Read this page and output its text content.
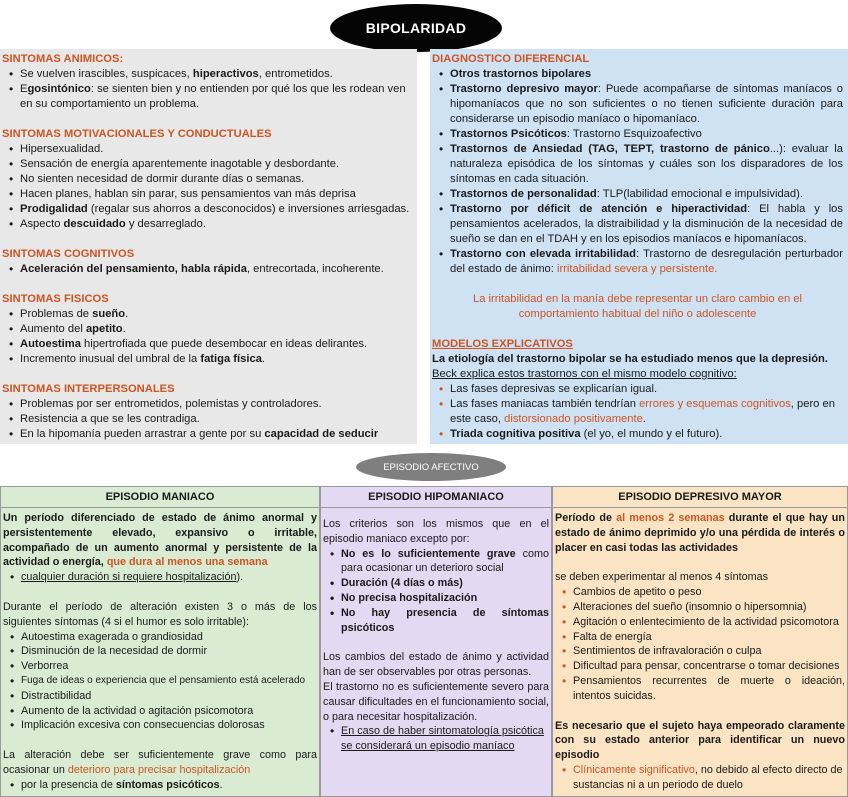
BIPOLARIDAD
SINTOMAS ANIMICOS:
• Se vuelven irascibles, suspicaces, hiperactivos, entrometidos.
• Egosintónico: se sienten bien y no entienden por qué los que les rodean ven en su comportamiento un problema.
SINTOMAS MOTIVACIONALES Y CONDUCTUALES
• Hipersexualidad.
• Sensación de energía aparentemente inagotable y desbordante.
• No sienten necesidad de dormir durante días o semanas.
• Hacen planes, hablan sin parar, sus pensamientos van más deprisa
• Prodigalidad (regalar sus ahorros a desconocidos) e inversiones arriesgadas.
• Aspecto descuidado y desarreglado.
SINTOMAS COGNITIVOS
• Aceleración del pensamiento, habla rápida, entrecortada, incoherente.
SINTOMAS FISICOS
• Problemas de sueño.
• Aumento del apetito.
• Autoestima hipertrofiada que puede desembocar en ideas delirantes.
• Incremento inusual del umbral de la fatiga física.
SINTOMAS INTERPERSONALES
• Problemas por ser entrometidos, polemistas y controladores.
• Resistencia a que se les contradiga.
• En la hipomanía pueden arrastrar a gente por su capacidad de seducir
DIAGNOSTICO DIFERENCIAL
• Otros trastornos bipolares
• Trastorno depresivo mayor: Puede acompañarse de síntomas maníacos o hipomaníacos que no son suficientes o no tienen suficiente duración para considerarse un episodio maníaco o hipomaníaco.
• Trastornos Psicóticos: Trastorno Esquizoafectivo
• Trastornos de Ansiedad (TAG, TEPT, trastorno de pánico...): evaluar la naturaleza episódica de los síntomas y cuáles son los disparadores de los síntomas en cada situación.
• Trastornos de personalidad: TLP(labilidad emocional e impulsividad).
• Trastorno por déficit de atención e hiperactividad: El habla y los pensamientos acelerados, la distraibilidad y la disminución de la necesidad de sueño se dan en el TDAH y en los episodios maníacos e hipomaníacos.
• Trastorno con elevada irritabilidad: Trastorno de desregulación perturbador del estado de ánimo: irritabilidad severa y persistente.
La irritabilidad en la manía debe representar un claro cambio en el comportamiento habitual del niño o adolescente
MODELOS EXPLICATIVOS
La etiología del trastorno bipolar se ha estudiado menos que la depresión.
Beck explica estos trastornos con el mismo modelo cognitivo:
• Las fases depresivas se explicarían igual.
• Las fases maniacas también tendrían errores y esquemas cognitivos, pero en este caso, distorsionado positivamente.
• Triada cognitiva positiva (el yo, el mundo y el futuro).
EPISODIO AFECTIVO
EPISODIO MANIACO
Un período diferenciado de estado de ánimo anormal y persistentemente elevado, expansivo o irritable, acompañado de un aumento anormal y persistente de la actividad o energía, que dura al menos una semana
• cualquier duración si requiere hospitalización).
Durante el período de alteración existen 3 o más de los siguientes síntomas (4 si el humor es solo irritable):
• Autoestima exagerada o grandiosidad
• Disminución de la necesidad de dormir
• Verborrea
• Fuga de ideas o experiencia que el pensamiento está acelerado
• Distractibilidad
• Aumento de la actividad o agitación psicomotora
• Implicación excesiva con consecuencias dolorosas
La alteración debe ser suficientemente grave como para ocasionar un deterioro para precisar hospitalización
• por la presencia de síntomas psicóticos.
EPISODIO HIPOMANIACO
Los criterios son los mismos que en el episodio maniaco excepto por:
• No es lo suficientemente grave como para ocasionar un deterioro social
• Duración (4 días o más)
• No precisa hospitalización
• No hay presencia de síntomas psicóticos
Los cambios del estado de ánimo y actividad han de ser observables por otras personas.
El trastorno no es suficientemente severo para causar dificultades en el funcionamiento social, o para necesitar hospitalización.
• En caso de haber sintomatología psicótica se considerará un episodio maníaco
EPISODIO DEPRESIVO MAYOR
Período de al menos 2 semanas durante el que hay un estado de ánimo deprimido y/o una pérdida de interés o placer en casi todas las actividades
se deben experimentar al menos 4 síntomas
• Cambios de apetito o peso
• Alteraciones del sueño (insomnio o hipersomnia)
• Agitación o enlentecimiento de la actividad psicomotora
• Falta de energía
• Sentimientos de infravaloración o culpa
• Dificultad para pensar, concentrarse o tomar decisiones
• Pensamientos recurrentes de muerte o ideación, intentos suicidas.
Es necesario que el sujeto haya empeorado claramente con su estado anterior para identificar un nuevo episodio
• Clínicamente significativo, no debido al efecto directo de sustancias ni a un periodo de duelo
